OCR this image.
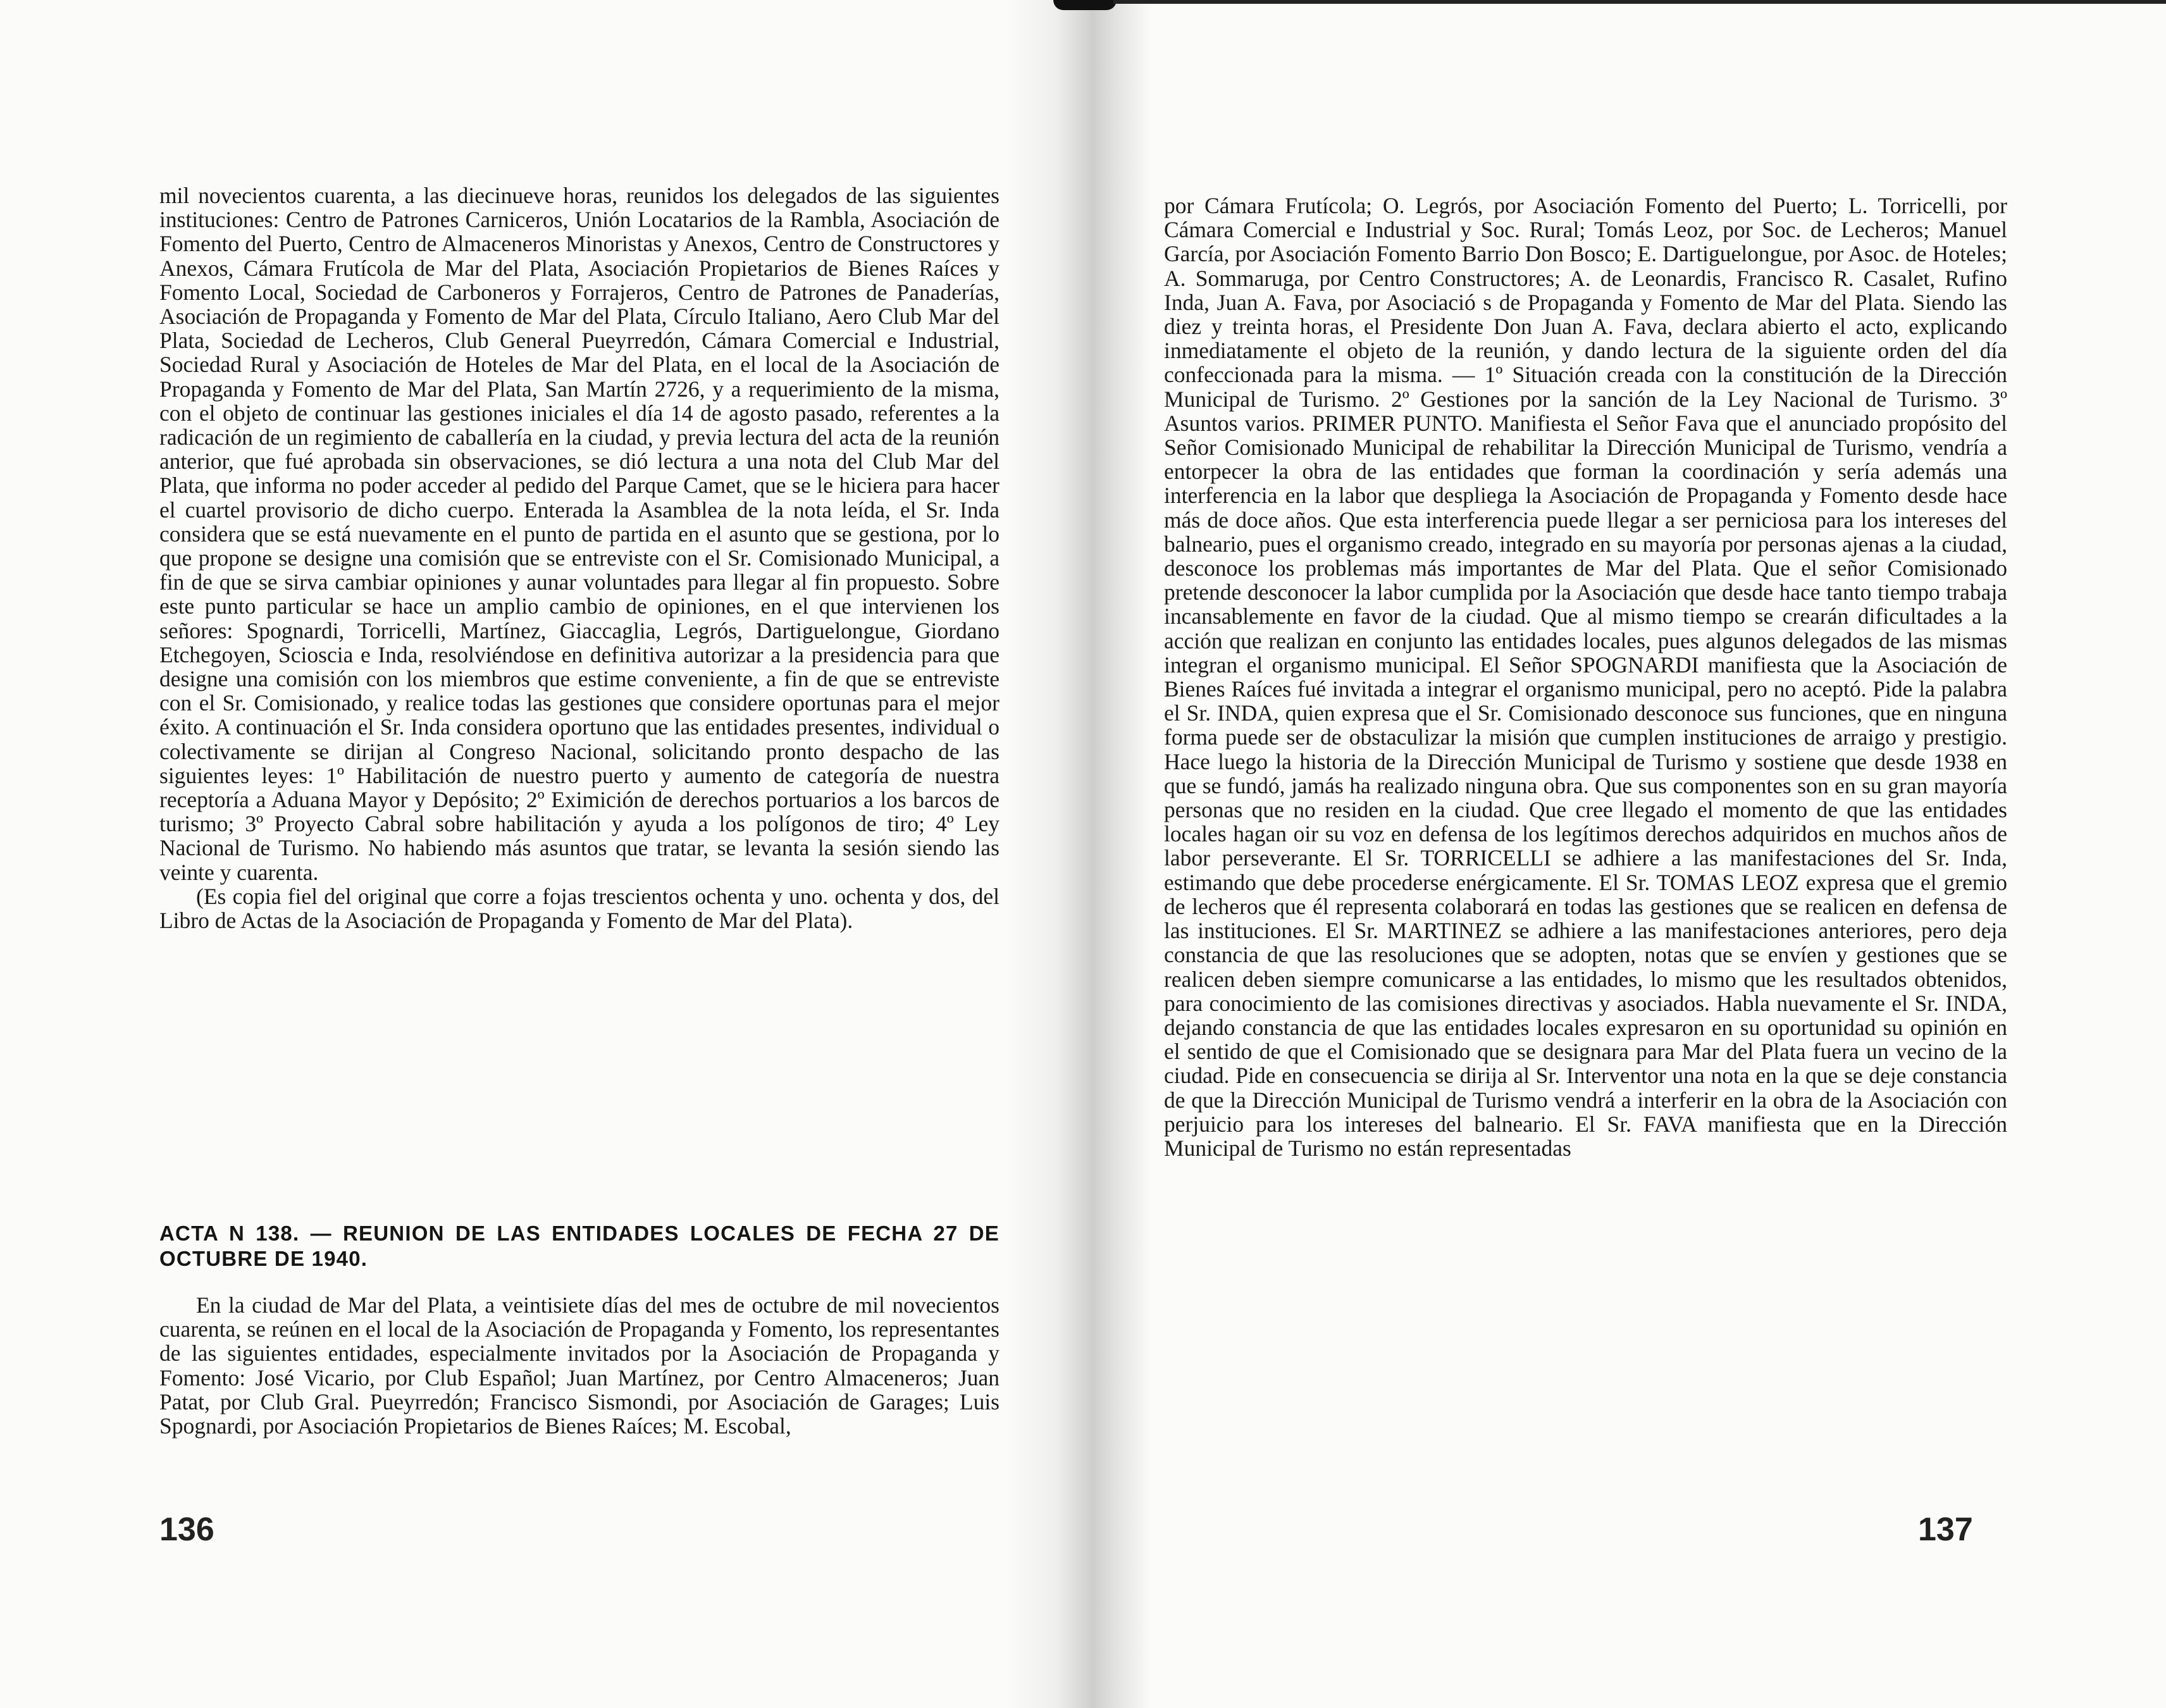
mil novecientos cuarenta, a las diecinueve horas, reunidos los delegados de las siguientes instituciones: Centro de Patrones Carniceros, Unión Locatarios de la Rambla, Asociación de Fomento del Puerto, Centro de Almaceneros Minoristas y Anexos, Centro de Constructores y Anexos, Cámara Frutícola de Mar del Plata, Asociación Propietarios de Bienes Raíces y Fomento Local, Sociedad de Carboneros y Forrajeros, Centro de Patrones de Panaderías, Asociación de Propaganda y Fomento de Mar del Plata, Círculo Italiano, Aero Club Mar del Plata, Sociedad de Lecheros, Club General Pueyrredón, Cámara Comercial e Industrial, Sociedad Rural y Asociación de Hoteles de Mar del Plata, en el local de la Asociación de Propaganda y Fomento de Mar del Plata, San Martín 2726, y a requerimiento de la misma, con el objeto de continuar las gestiones iniciales el día 14 de agosto pasado, referentes a la radicación de un regimiento de caballería en la ciudad, y previa lectura del acta de la reunión anterior, que fué aprobada sin observaciones, se dió lectura a una nota del Club Mar del Plata, que informa no poder acceder al pedido del Parque Camet, que se le hiciera para hacer el cuartel provisorio de dicho cuerpo. Enterada la Asamblea de la nota leída, el Sr. Inda considera que se está nuevamente en el punto de partida en el asunto que se gestiona, por lo que propone se designe una comisión que se entreviste con el Sr. Comisionado Municipal, a fin de que se sirva cambiar opiniones y aunar voluntades para llegar al fin propuesto. Sobre este punto particular se hace un amplio cambio de opiniones, en el que intervienen los señores: Spognardi, Torricelli, Martínez, Giaccaglia, Legrós, Dartiguelongue, Giordano Etchegoyen, Scioscia e Inda, resolviéndose en definitiva autorizar a la presidencia para que designe una comisión con los miembros que estime conveniente, a fin de que se entreviste con el Sr. Comisionado, y realice todas las gestiones que considere oportunas para el mejor éxito. A continuación el Sr. Inda considera oportuno que las entidades presentes, individual o colectivamente se dirijan al Congreso Nacional, solicitando pronto despacho de las siguientes leyes: 1º Habilitación de nuestro puerto y aumento de categoría de nuestra receptoría a Aduana Mayor y Depósito; 2º Eximición de derechos portuarios a los barcos de turismo; 3º Proyecto Cabral sobre habilitación y ayuda a los polígonos de tiro; 4º Ley Nacional de Turismo. No habiendo más asuntos que tratar, se levanta la sesión siendo las veinte y cuarenta.

(Es copia fiel del original que corre a fojas trescientos ochenta y uno. ochenta y dos, del Libro de Actas de la Asociación de Propaganda y Fomento de Mar del Plata).

ACTA N 138. — REUNION DE LAS ENTIDADES LOCALES DE FECHA 27 DE OCTUBRE DE 1940.

En la ciudad de Mar del Plata, a veintisiete días del mes de octubre de mil novecientos cuarenta, se reúnen en el local de la Asociación de Propaganda y Fomento, los representantes de las siguientes entidades, especialmente invitados por la Asociación de Propaganda y Fomento: José Vicario, por Club Español; Juan Martínez, por Centro Almaceneros; Juan Patat, por Club Gral. Pueyrredón; Francisco Sismondi, por Asociación de Garages; Luis Spognardi, por Asociación Propietarios de Bienes Raíces; M. Escobal,

136

por Cámara Frutícola; O. Legrós, por Asociación Fomento del Puerto; L. Torricelli, por Cámara Comercial e Industrial y Soc. Rural; Tomás Leoz, por Soc. de Lecheros; Manuel García, por Asociación Fomento Barrio Don Bosco; E. Dartiguelongue, por Asoc. de Hoteles; A. Sommaruga, por Centro Constructores; A. de Leonardis, Francisco R. Casalet, Rufino Inda, Juan A. Fava, por Asociació s de Propaganda y Fomento de Mar del Plata. Siendo las diez y treinta horas, el Presidente Don Juan A. Fava, declara abierto el acto, explicando inmediatamente el objeto de la reunión, y dando lectura de la siguiente orden del día confeccionada para la misma. — 1º Situación creada con la constitución de la Dirección Municipal de Turismo. 2º Gestiones por la sanción de la Ley Nacional de Turismo. 3º Asuntos varios. PRIMER PUNTO. Manifiesta el Señor Fava que el anunciado propósito del Señor Comisionado Municipal de rehabilitar la Dirección Municipal de Turismo, vendría a entorpecer la obra de las entidades que forman la coordinación y sería además una interferencia en la labor que despliega la Asociación de Propaganda y Fomento desde hace más de doce años. Que esta interferencia puede llegar a ser perniciosa para los intereses del balneario, pues el organismo creado, integrado en su mayoría por personas ajenas a la ciudad, desconoce los problemas más importantes de Mar del Plata. Que el señor Comisionado pretende desconocer la labor cumplida por la Asociación que desde hace tanto tiempo trabaja incansablemente en favor de la ciudad. Que al mismo tiempo se crearán dificultades a la acción que realizan en conjunto las entidades locales, pues algunos delegados de las mismas integran el organismo municipal. El Señor SPOGNARDI manifiesta que la Asociación de Bienes Raíces fué invitada a integrar el organismo municipal, pero no aceptó. Pide la palabra el Sr. INDA, quien expresa que el Sr. Comisionado desconoce sus funciones, que en ninguna forma puede ser de obstaculizar la misión que cumplen instituciones de arraigo y prestigio. Hace luego la historia de la Dirección Municipal de Turismo y sostiene que desde 1938 en que se fundó, jamás ha realizado ninguna obra. Que sus componentes son en su gran mayoría personas que no residen en la ciudad. Que cree llegado el momento de que las entidades locales hagan oir su voz en defensa de los legítimos derechos adquiridos en muchos años de labor perseverante. El Sr. TORRICELLI se adhiere a las manifestaciones del Sr. Inda, estimando que debe procederse enérgicamente. El Sr. TOMAS LEOZ expresa que el gremio de lecheros que él representa colaborará en todas las gestiones que se realicen en defensa de las instituciones. El Sr. MARTINEZ se adhiere a las manifestaciones anteriores, pero deja constancia de que las resoluciones que se adopten, notas que se envíen y gestiones que se realicen deben siempre comunicarse a las entidades, lo mismo que les resultados obtenidos, para conocimiento de las comisiones directivas y asociados. Habla nuevamente el Sr. INDA, dejando constancia de que las entidades locales expresaron en su oportunidad su opinión en el sentido de que el Comisionado que se designara para Mar del Plata fuera un vecino de la ciudad. Pide en consecuencia se dirija al Sr. Interventor una nota en la que se deje constancia de que la Dirección Municipal de Turismo vendrá a interferir en la obra de la Asociación con perjuicio para los intereses del balneario. El Sr. FAVA manifiesta que en la Dirección Municipal de Turismo no están representadas

137
